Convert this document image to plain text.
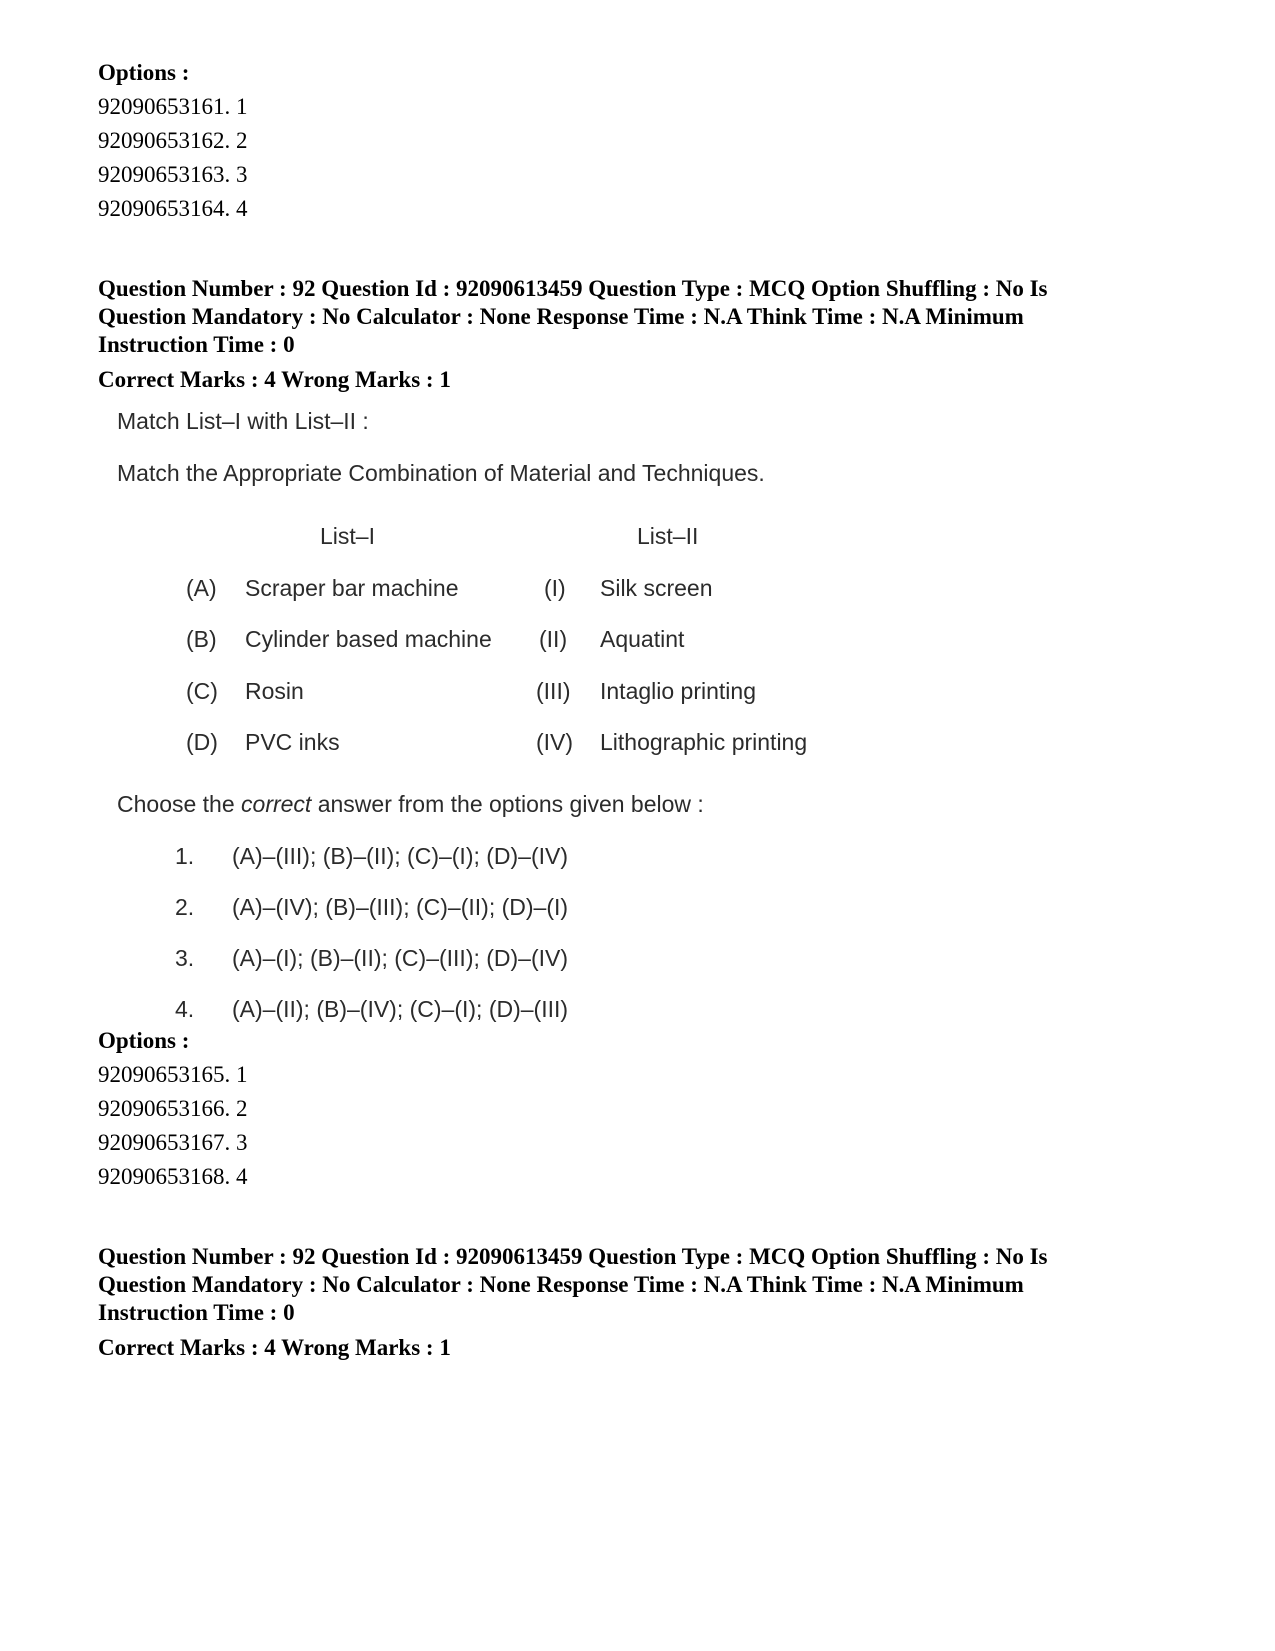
Options :
92090653161. 1
92090653162. 2
92090653163. 3
92090653164. 4
Question Number : 92 Question Id : 92090613459 Question Type : MCQ Option Shuffling : No Is
Question Mandatory : No Calculator : None Response Time : N.A Think Time : N.A Minimum
Instruction Time : 0
Correct Marks : 4 Wrong Marks : 1
Match List–I with List–II :
Match the Appropriate Combination of Material and Techniques.
List–I	List–II
(A) Scraper bar machine	(I) Silk screen
(B) Cylinder based machine (II) Aquatint
(C) Rosin	(III) Intaglio printing
(D) PVC inks	(IV) Lithographic printing
Choose the correct answer from the options given below :
1. (A)–(III); (B)–(II); (C)–(I); (D)–(IV)
2. (A)–(IV); (B)–(III); (C)–(II); (D)–(I)
3. (A)–(I); (B)–(II); (C)–(III); (D)–(IV)
4. (A)–(II); (B)–(IV); (C)–(I); (D)–(III)
Options :
92090653165. 1
92090653166. 2
92090653167. 3
92090653168. 4
Question Number : 92 Question Id : 92090613459 Question Type : MCQ Option Shuffling : No Is
Question Mandatory : No Calculator : None Response Time : N.A Think Time : N.A Minimum
Instruction Time : 0
Correct Marks : 4 Wrong Marks : 1
